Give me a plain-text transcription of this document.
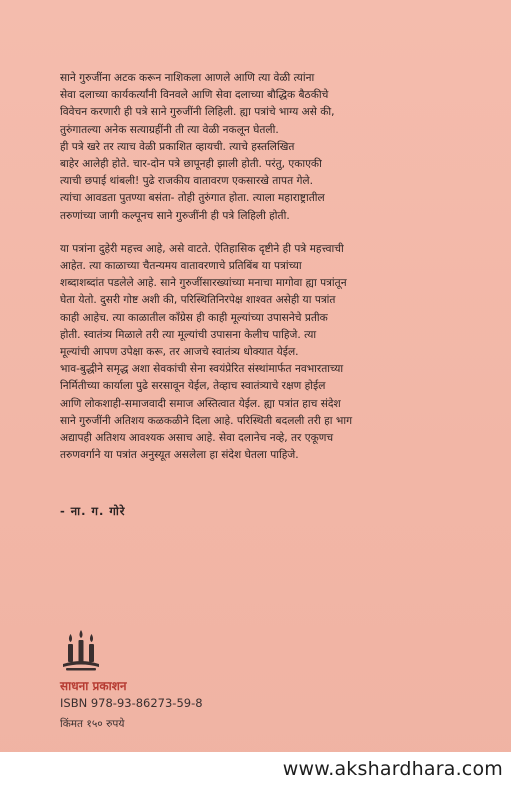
साने गुरुजींना अटक करून नाशिकला आणले आणि त्या वेळी त्यांना
सेवा दलाच्या कार्यकर्त्यांनी विनवले आणि सेवा दलाच्या बौद्धिक बैठकीचे
विवेचन करणारी ही पत्रे साने गुरुजींनी लिहिली. ह्या पत्रांचे भाग्य असे की,
तुरुंगातल्या अनेक सत्याग्रहींनी ती त्या वेळी नकलून घेतली.
ही पत्रे खरे तर त्याच वेळी प्रकाशित व्हायची. त्याचे हस्तलिखित
बाहेर आलेही होते. चार-दोन पत्रे छापूनही झाली होती. परंतु, एकाएकी
त्याची छपाई थांबली! पुढे राजकीय वातावरण एकसारखे तापत गेले.
त्यांचा आवडता पुतण्या बसंता- तोही तुरुंगात होता. त्याला महाराष्ट्रातील
तरुणांच्या जागी कल्पूनच साने गुरुजींनी ही पत्रे लिहिली होती.

या पत्रांना दुहेरी महत्त्व आहे, असे वाटते. ऐतिहासिक दृष्टीने ही पत्रे महत्त्वाची
आहेत. त्या काळाच्या चैतन्यमय वातावरणाचे प्रतिबिंब या पत्रांच्या
शब्दाशब्दांत पडलेले आहे. साने गुरुजींसारख्यांच्या मनाचा मागोवा ह्या पत्रांतून
घेता येतो. दुसरी गोष्ट अशी की, परिस्थितिनिरपेक्ष शाश्वत असेही या पत्रांत
काही आहेच. त्या काळातील काँग्रेस ही काही मूल्यांच्या उपासनेचे प्रतीक
होती. स्वातंत्र्य मिळाले तरी त्या मूल्यांची उपासना केलीच पाहिजे. त्या
मूल्यांची आपण उपेक्षा करू, तर आजचे स्वातंत्र्य धोक्यात येईल.
भाव-बुद्धीने समृद्ध अशा सेवकांची सेना स्वयंप्रेरित संस्थांमार्फत नवभारताच्या
निर्मितीच्या कार्याला पुढे सरसावून येईल, तेव्हाच स्वातंत्र्याचे रक्षण होईल
आणि लोकशाही-समाजवादी समाज अस्तित्वात येईल. ह्या पत्रांत हाच संदेश
साने गुरुजींनी अतिशय कळकळीने दिला आहे. परिस्थिती बदलली तरी हा भाग
अद्यापही अतिशय आवश्यक असाच आहे. सेवा दलानेच नव्हे, तर एकूणच
तरुणवर्गाने या पत्रांत अनुस्यूत असलेला हा संदेश घेतला पाहिजे.

- ना. ग. गोरे
साधना प्रकाशन
ISBN 978-93-86273-59-8
किंमत १५० रुपये
www.akshardhara.com
